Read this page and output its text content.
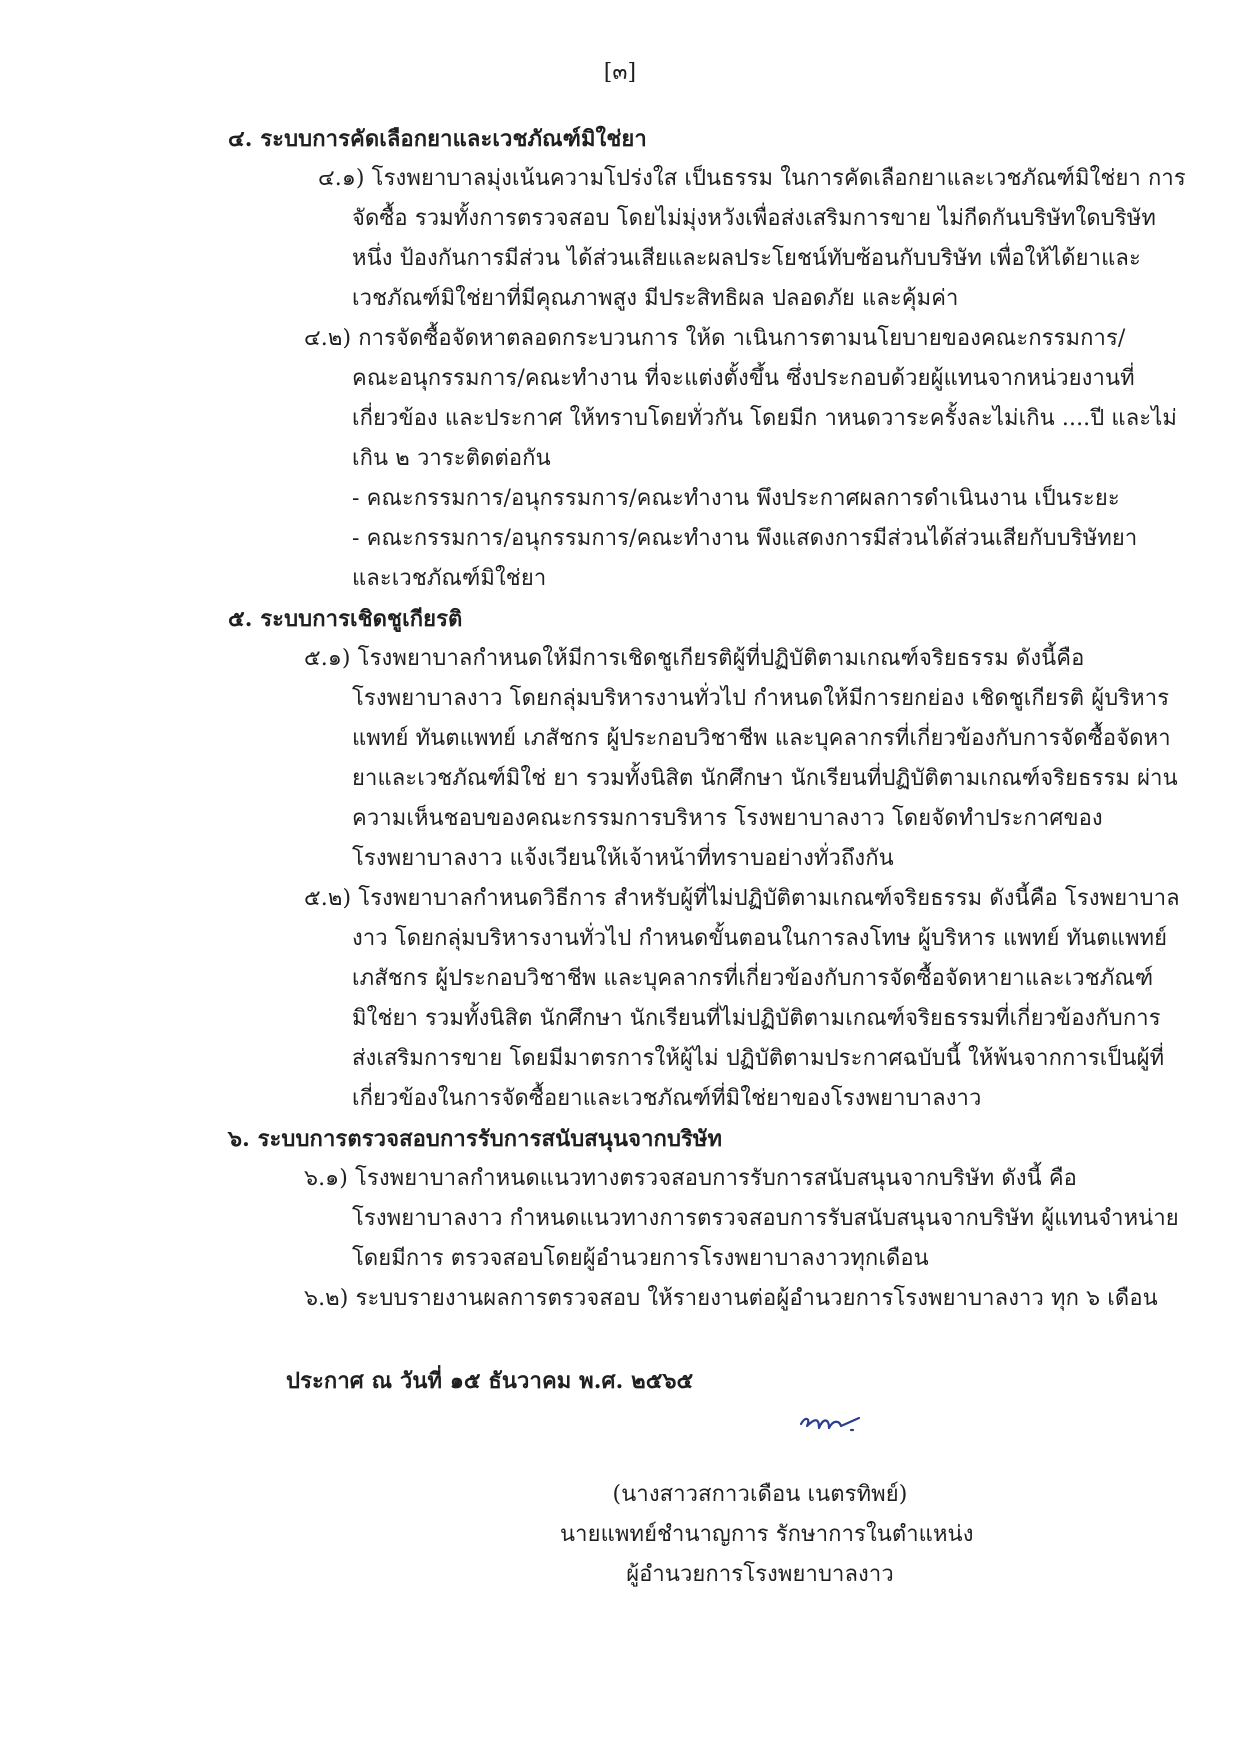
[๓]
๔. ระบบการคัดเลือกยาและเวชภัณฑ์มิใช่ยา
๔.๑) โรงพยาบาลมุ่งเน้นความโปร่งใส เป็นธรรม ในการคัดเลือกยาและเวชภัณฑ์มิใช่ยา การ
จัดซื้อ รวมทั้งการตรวจสอบ โดยไม่มุ่งหวังเพื่อส่งเสริมการขาย ไม่กีดกันบริษัทใดบริษัท
หนึ่ง ป้องกันการมีส่วน ได้ส่วนเสียและผลประโยชน์ทับซ้อนกับบริษัท เพื่อให้ได้ยาและ
เวชภัณฑ์มิใช่ยาที่มีคุณภาพสูง มีประสิทธิผล ปลอดภัย และคุ้มค่า
๔.๒) การจัดซื้อจัดหาตลอดกระบวนการ ให้ด าเนินการตามนโยบายของคณะกรรมการ/
คณะอนุกรรมการ/คณะทำงาน ที่จะแต่งตั้งขึ้น ซึ่งประกอบด้วยผู้แทนจากหน่วยงานที่
เกี่ยวข้อง และประกาศ ให้ทราบโดยทั่วกัน โดยมีก าหนดวาระครั้งละไม่เกิน ....ปี และไม่
เกิน ๒ วาระติดต่อกัน
- คณะกรรมการ/อนุกรรมการ/คณะทำงาน พึงประกาศผลการดำเนินงาน เป็นระยะ
- คณะกรรมการ/อนุกรรมการ/คณะทำงาน พึงแสดงการมีส่วนได้ส่วนเสียกับบริษัทยา
และเวชภัณฑ์มิใช่ยา
๕. ระบบการเชิดชูเกียรติ
๕.๑) โรงพยาบาลกำหนดให้มีการเชิดชูเกียรติผู้ที่ปฏิบัติตามเกณฑ์จริยธรรม ดังนี้คือ
โรงพยาบาลงาว โดยกลุ่มบริหารงานทั่วไป กำหนดให้มีการยกย่อง เชิดชูเกียรติ ผู้บริหาร
แพทย์ ทันตแพทย์ เภสัชกร ผู้ประกอบวิชาชีพ และบุคลากรที่เกี่ยวข้องกับการจัดซื้อจัดหา
ยาและเวชภัณฑ์มิใช่ ยา รวมทั้งนิสิต นักศึกษา นักเรียนที่ปฏิบัติตามเกณฑ์จริยธรรม ผ่าน
ความเห็นชอบของคณะกรรมการบริหาร โรงพยาบาลงาว โดยจัดทำประกาศของ
โรงพยาบาลงาว แจ้งเวียนให้เจ้าหน้าที่ทราบอย่างทั่วถึงกัน
๕.๒) โรงพยาบาลกำหนดวิธีการ สำหรับผู้ที่ไม่ปฏิบัติตามเกณฑ์จริยธรรม ดังนี้คือ โรงพยาบาล
งาว โดยกลุ่มบริหารงานทั่วไป กำหนดขั้นตอนในการลงโทษ ผู้บริหาร แพทย์ ทันตแพทย์
เภสัชกร ผู้ประกอบวิชาชีพ และบุคลากรที่เกี่ยวข้องกับการจัดซื้อจัดหายาและเวชภัณฑ์
มิใช่ยา รวมทั้งนิสิต นักศึกษา นักเรียนที่ไม่ปฏิบัติตามเกณฑ์จริยธรรมที่เกี่ยวข้องกับการ
ส่งเสริมการขาย โดยมีมาตรการให้ผู้ไม่ ปฏิบัติตามประกาศฉบับนี้ ให้พ้นจากการเป็นผู้ที่
เกี่ยวข้องในการจัดซื้อยาและเวชภัณฑ์ที่มิใช่ยาของโรงพยาบาลงาว
๖. ระบบการตรวจสอบการรับการสนับสนุนจากบริษัท
๖.๑) โรงพยาบาลกำหนดแนวทางตรวจสอบการรับการสนับสนุนจากบริษัท ดังนี้ คือ
โรงพยาบาลงาว กำหนดแนวทางการตรวจสอบการรับสนับสนุนจากบริษัท ผู้แทนจำหน่าย
โดยมีการ ตรวจสอบโดยผู้อำนวยการโรงพยาบาลงาวทุกเดือน
๖.๒) ระบบรายงานผลการตรวจสอบ ให้รายงานต่อผู้อำนวยการโรงพยาบาลงาว ทุก ๖ เดือน
ประกาศ ณ วันที่ ๑๕ ธันวาคม พ.ศ. ๒๕๖๕
(นางสาวสกาวเดือน เนตรทิพย์)
นายแพทย์ชำนาญการ รักษาการในตำแหน่ง
ผู้อำนวยการโรงพยาบาลงาว
